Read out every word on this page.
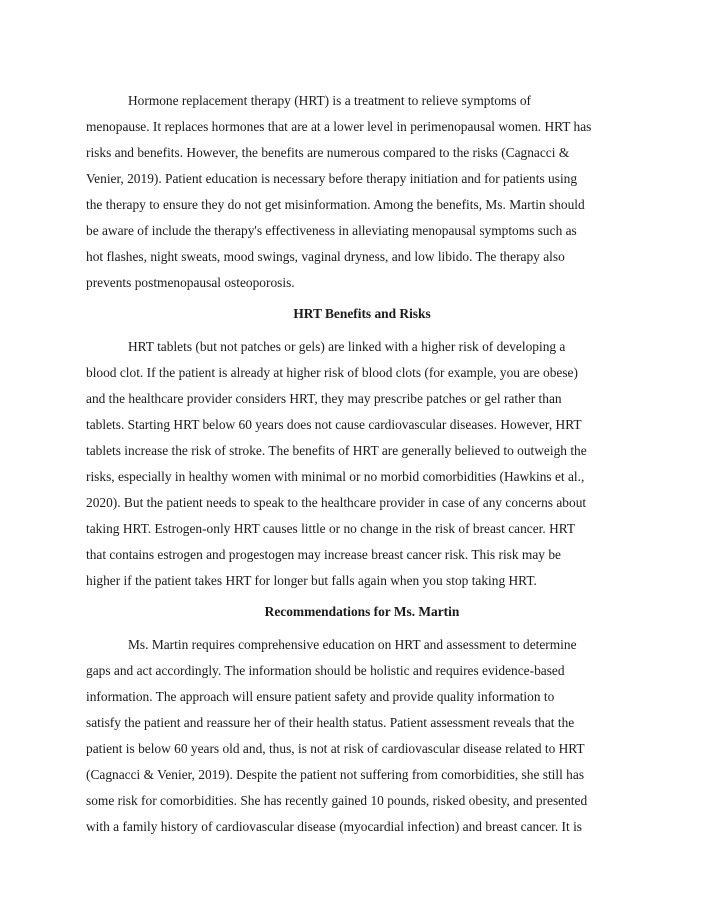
Hormone replacement therapy (HRT) is a treatment to relieve symptoms of
menopause. It replaces hormones that are at a lower level in perimenopausal women. HRT has
risks and benefits. However, the benefits are numerous compared to the risks (Cagnacci &
Venier, 2019). Patient education is necessary before therapy initiation and for patients using
the therapy to ensure they do not get misinformation. Among the benefits, Ms. Martin should
be aware of include the therapy's effectiveness in alleviating menopausal symptoms such as
hot flashes, night sweats, mood swings, vaginal dryness, and low libido. The therapy also
prevents postmenopausal osteoporosis.

HRT Benefits and Risks

HRT tablets (but not patches or gels) are linked with a higher risk of developing a
blood clot. If the patient is already at higher risk of blood clots (for example, you are obese)
and the healthcare provider considers HRT, they may prescribe patches or gel rather than
tablets. Starting HRT below 60 years does not cause cardiovascular diseases. However, HRT
tablets increase the risk of stroke. The benefits of HRT are generally believed to outweigh the
risks, especially in healthy women with minimal or no morbid comorbidities (Hawkins et al.,
2020). But the patient needs to speak to the healthcare provider in case of any concerns about
taking HRT. Estrogen-only HRT causes little or no change in the risk of breast cancer. HRT
that contains estrogen and progestogen may increase breast cancer risk. This risk may be
higher if the patient takes HRT for longer but falls again when you stop taking HRT.

Recommendations for Ms. Martin

Ms. Martin requires comprehensive education on HRT and assessment to determine
gaps and act accordingly. The information should be holistic and requires evidence-based
information. The approach will ensure patient safety and provide quality information to
satisfy the patient and reassure her of their health status. Patient assessment reveals that the
patient is below 60 years old and, thus, is not at risk of cardiovascular disease related to HRT
(Cagnacci & Venier, 2019). Despite the patient not suffering from comorbidities, she still has
some risk for comorbidities. She has recently gained 10 pounds, risked obesity, and presented
with a family history of cardiovascular disease (myocardial infection) and breast cancer. It is
